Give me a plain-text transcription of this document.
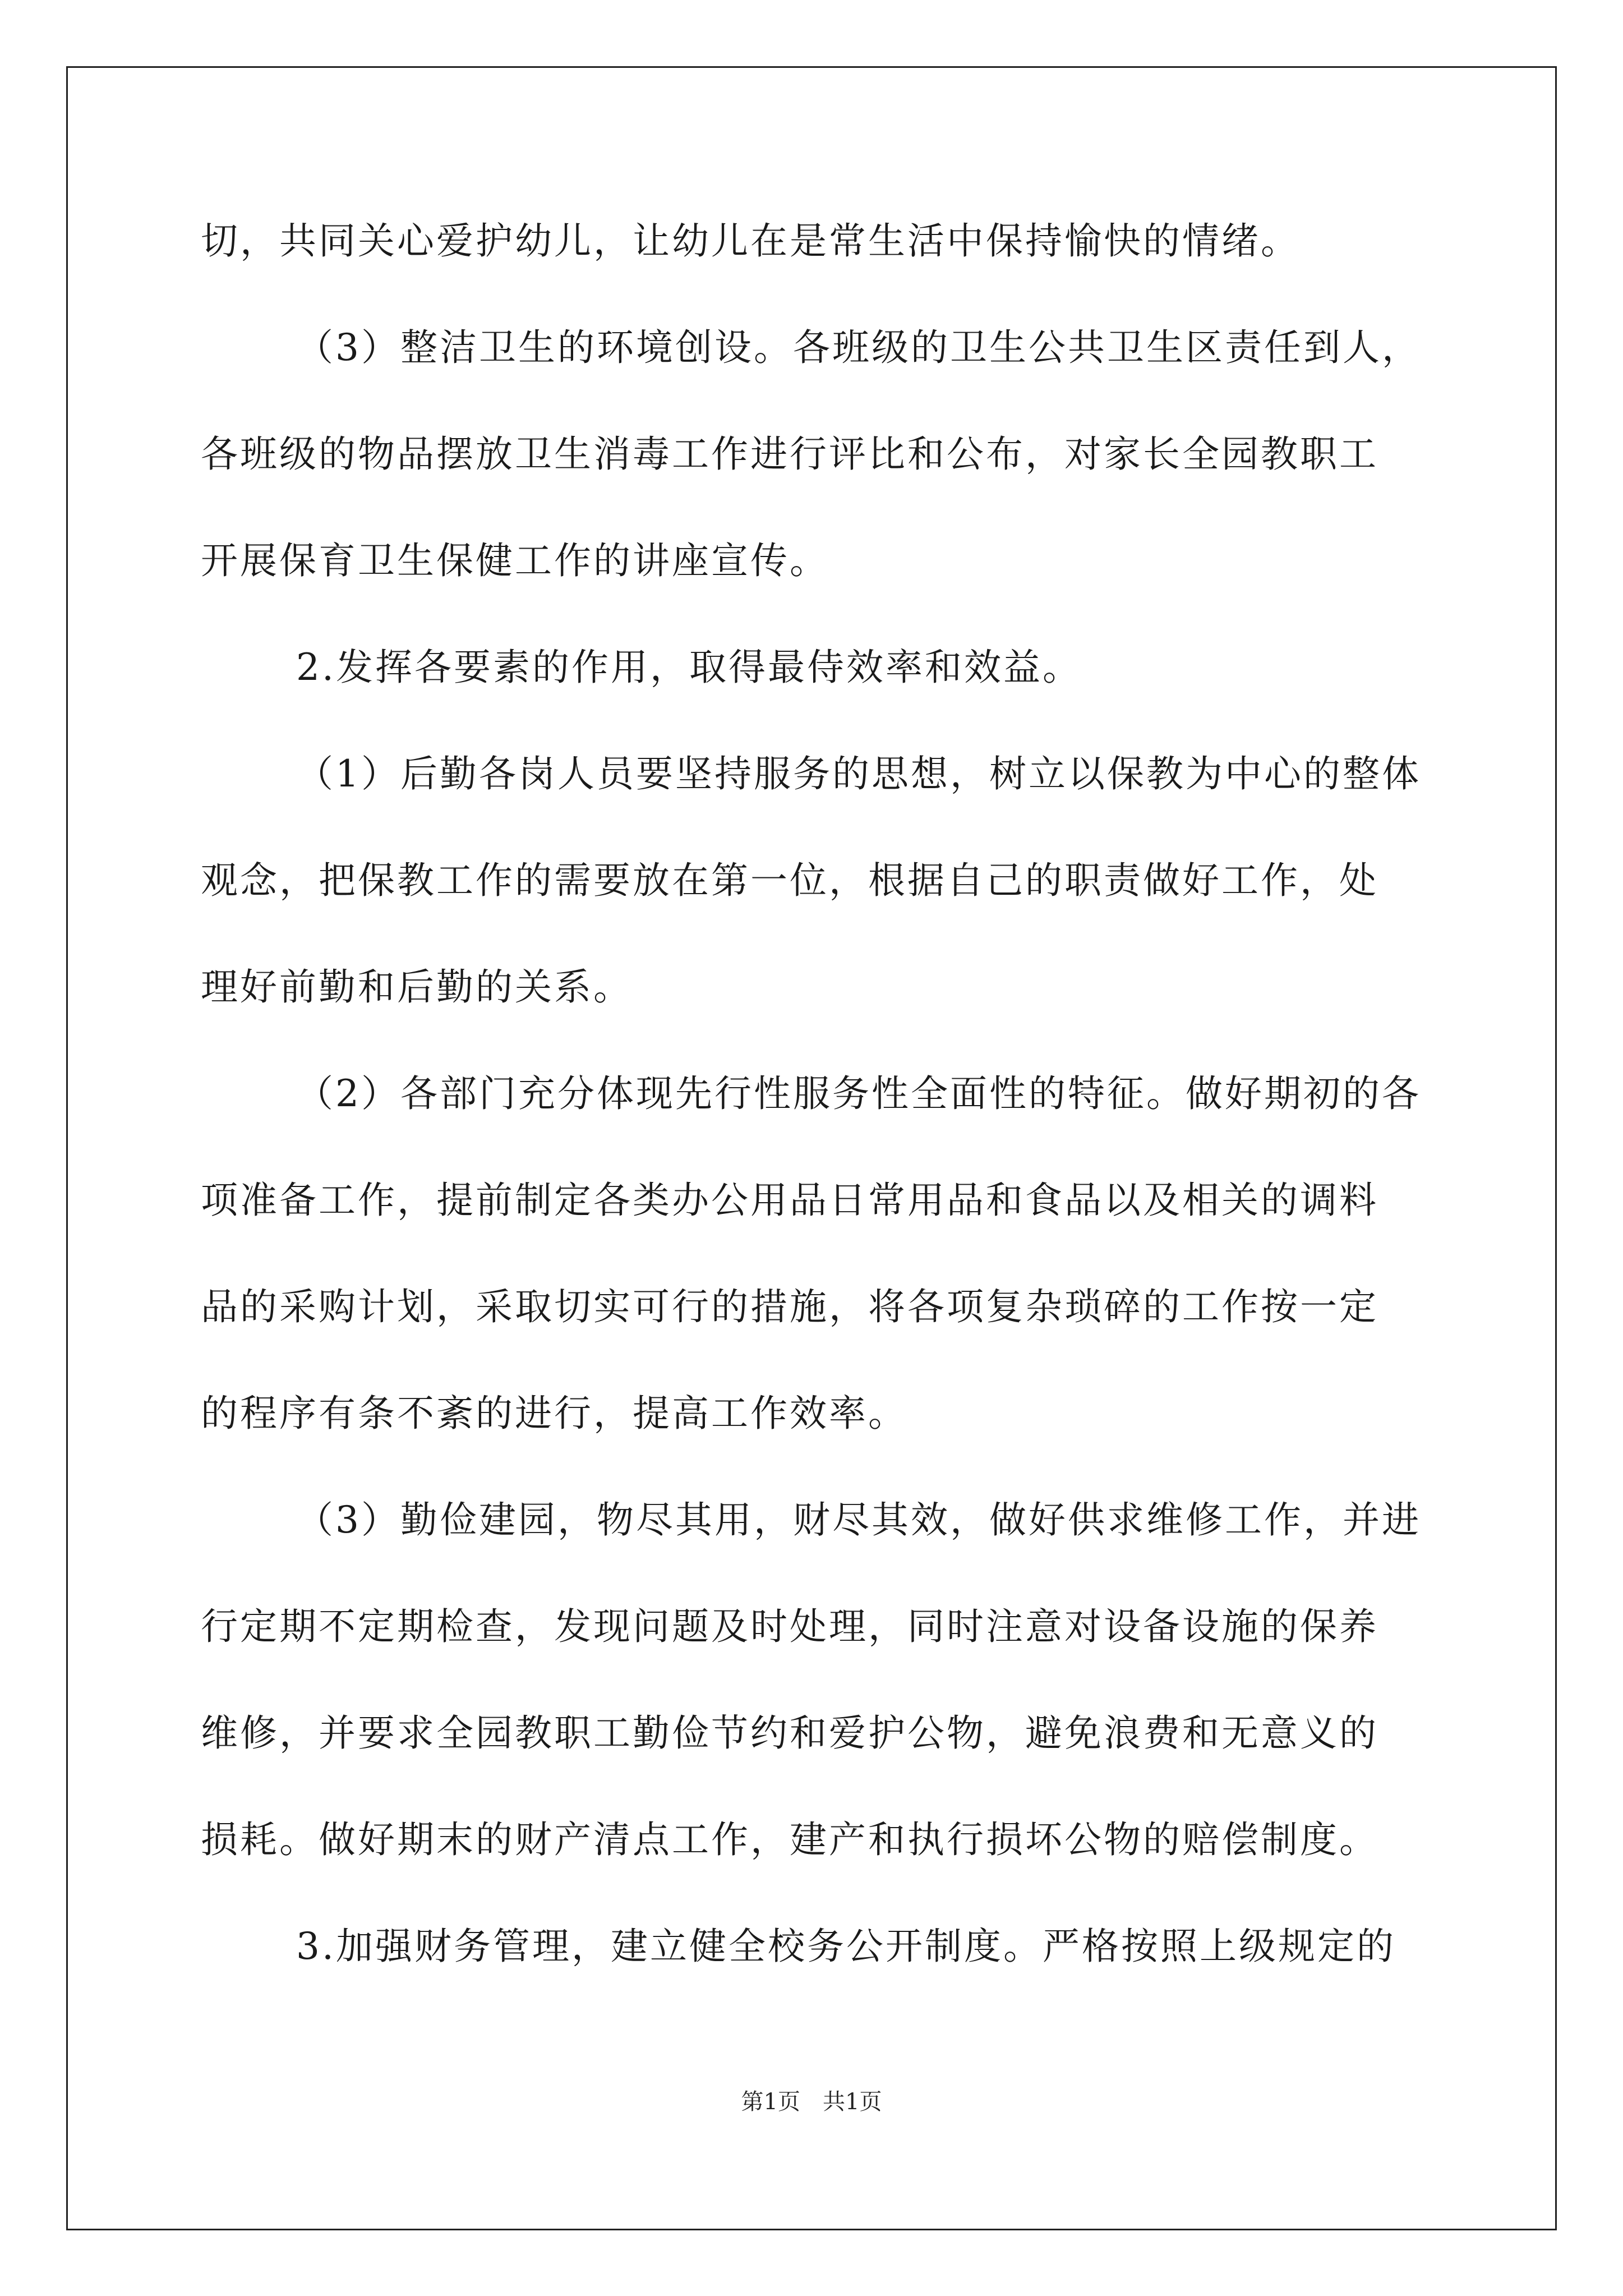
切，共同关心爱护幼儿，让幼儿在是常生活中保持愉快的情绪。
（3）整洁卫生的环境创设。各班级的卫生公共卫生区责任到人，
各班级的物品摆放卫生消毒工作进行评比和公布，对家长全园教职工
开展保育卫生保健工作的讲座宣传。
2.发挥各要素的作用，取得最侍效率和效益。
（1）后勤各岗人员要坚持服务的思想，树立以保教为中心的整体
观念，把保教工作的需要放在第一位，根据自己的职责做好工作，处
理好前勤和后勤的关系。
（2）各部门充分体现先行性服务性全面性的特征。做好期初的各
项准备工作，提前制定各类办公用品日常用品和食品以及相关的调料
品的采购计划，采取切实可行的措施，将各项复杂琐碎的工作按一定
的程序有条不紊的进行，提高工作效率。
（3）勤俭建园，物尽其用，财尽其效，做好供求维修工作，并进
行定期不定期检查，发现问题及时处理，同时注意对设备设施的保养
维修，并要求全园教职工勤俭节约和爱护公物，避免浪费和无意义的
损耗。做好期末的财产清点工作，建产和执行损坏公物的赔偿制度。
3.加强财务管理，建立健全校务公开制度。严格按照上级规定的
第1页 共1页
